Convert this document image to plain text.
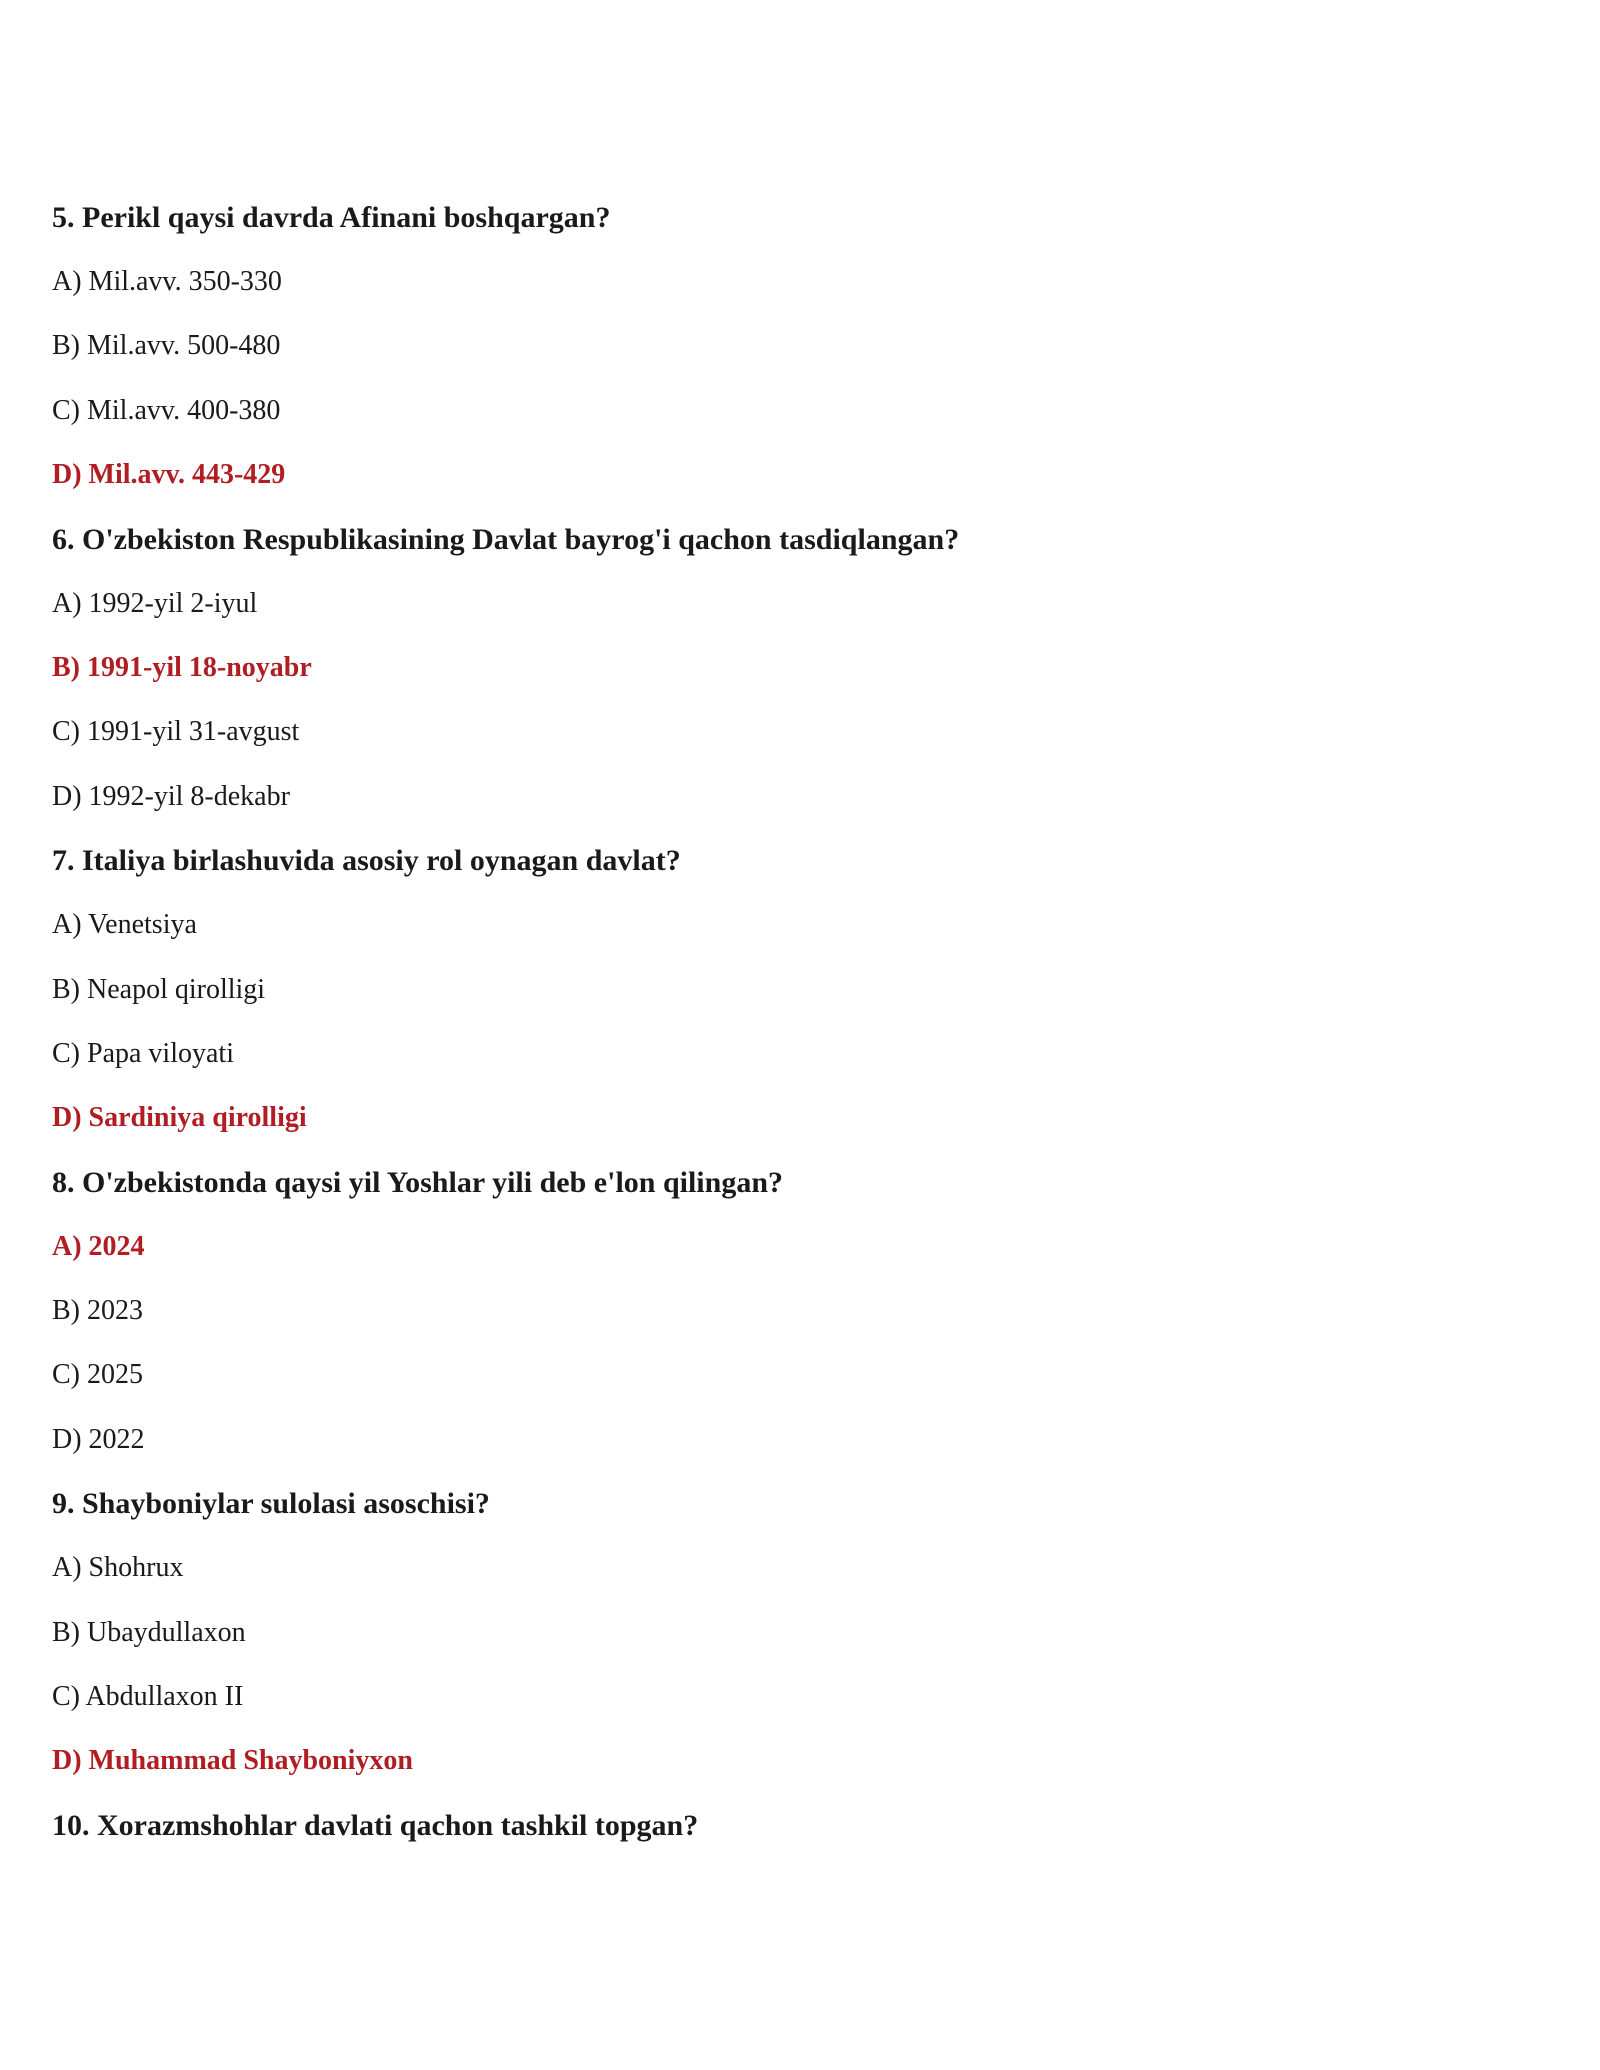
5. Perikl qaysi davrda Afinani boshqargan?

A) Mil.avv. 350-330

B) Mil.avv. 500-480

C) Mil.avv. 400-380

D) Mil.avv. 443-429

6. O'zbekiston Respublikasining Davlat bayrog'i qachon tasdiqlangan?

A) 1992-yil 2-iyul

B) 1991-yil 18-noyabr

C) 1991-yil 31-avgust

D) 1992-yil 8-dekabr

7. Italiya birlashuvida asosiy rol oynagan davlat?

A) Venetsiya

B) Neapol qirolligi

C) Papa viloyati

D) Sardiniya qirolligi

8. O'zbekistonda qaysi yil Yoshlar yili deb e'lon qilingan?

A) 2024

B) 2023

C) 2025

D) 2022

9. Shayboniylar sulolasi asoschisi?

A) Shohrux

B) Ubaydullaxon

C) Abdullaxon II

D) Muhammad Shayboniyxon

10. Xorazmshohlar davlati qachon tashkil topgan?
